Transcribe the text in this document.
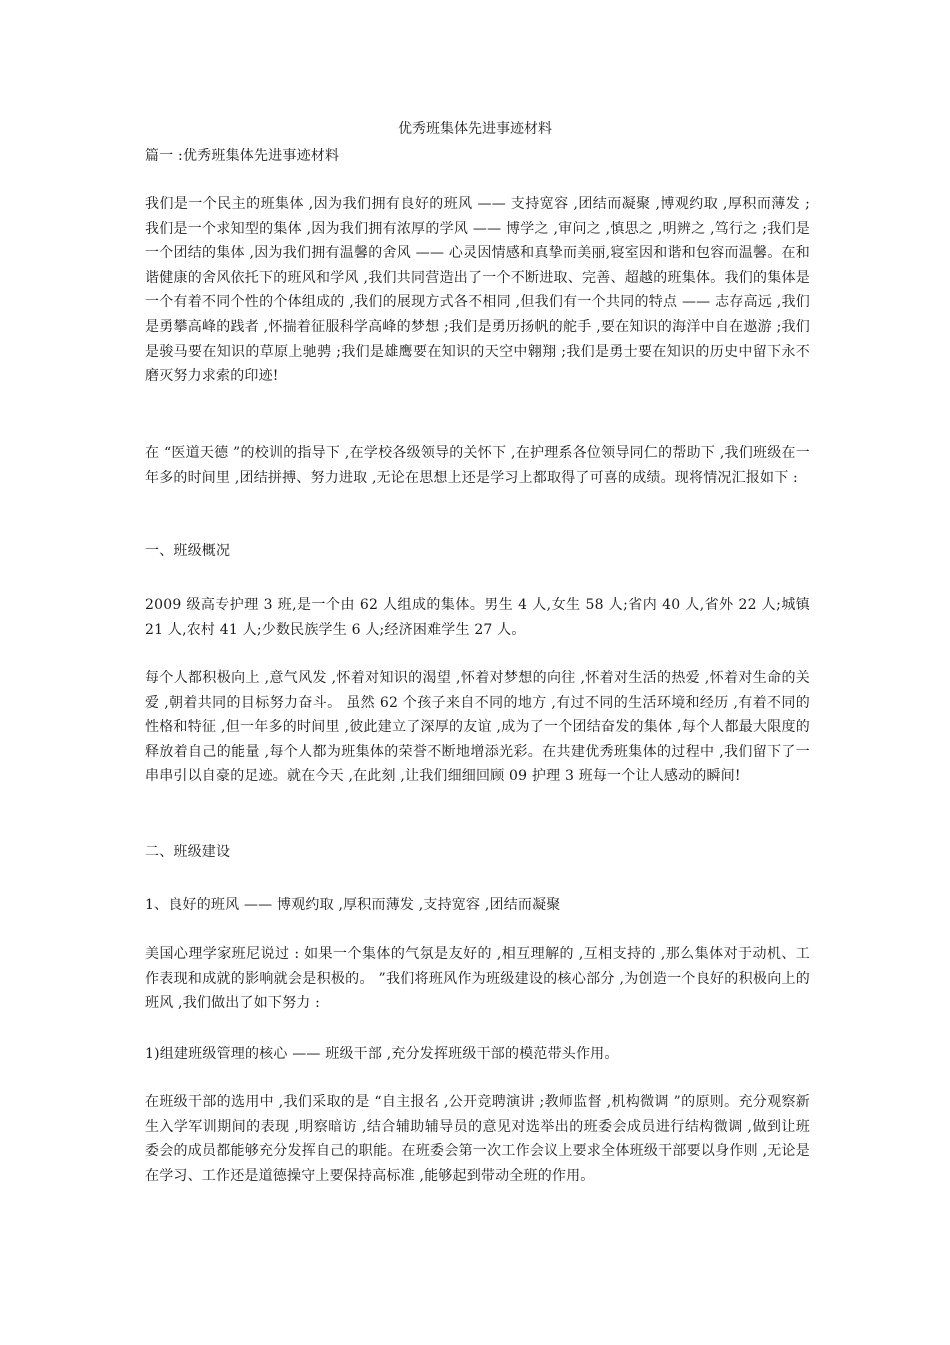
优秀班集体先进事迹材料
篇一 :优秀班集体先进事迹材料
我们是一个民主的班集体 ,因为我们拥有良好的班风 —— 支持宽容 ,团结而凝聚 ,博观约取 ,厚积而薄发 ;我们是一个求知型的集体 ,因为我们拥有浓厚的学风 —— 博学之 ,审问之 ,慎思之 ,明辨之 ,笃行之 ;我们是一个团结的集体 ,因为我们拥有温馨的舍风 —— 心灵因情感和真挚而美丽,寝室因和谐和包容而温馨。在和谐健康的舍风依托下的班风和学风 ,我们共同营造出了一个不断进取、完善、超越的班集体。我们的集体是一个有着不同个性的个体组成的 ,我们的展现方式各不相同 ,但我们有一个共同的特点 —— 志存高远 ,我们是勇攀高峰的践者 ,怀揣着征服科学高峰的梦想 ;我们是勇历扬帆的舵手 ,要在知识的海洋中自在遨游 ;我们是骏马要在知识的草原上驰骋 ;我们是雄鹰要在知识的天空中翱翔 ;我们是勇士要在知识的历史中留下永不磨灭努力求索的印迹!
在 “医道天德 ”的校训的指导下 ,在学校各级领导的关怀下 ,在护理系各位领导同仁的帮助下 ,我们班级在一年多的时间里 ,团结拼搏、努力进取 ,无论在思想上还是学习上都取得了可喜的成绩。现将情况汇报如下 :
一、班级概况
2009 级高专护理 3 班,是一个由 62 人组成的集体。男生 4 人,女生 58 人;省内 40 人,省外 22 人;城镇 21 人,农村 41 人;少数民族学生 6 人;经济困难学生 27 人。
每个人都积极向上 ,意气风发 ,怀着对知识的渴望 ,怀着对梦想的向往 ,怀着对生活的热爱 ,怀着对生命的关爱 ,朝着共同的目标努力奋斗。 虽然 62 个孩子来自不同的地方 ,有过不同的生活环境和经历 ,有着不同的性格和特征 ,但一年多的时间里 ,彼此建立了深厚的友谊 ,成为了一个团结奋发的集体 ,每个人都最大限度的释放着自己的能量 ,每个人都为班集体的荣誉不断地增添光彩。在共建优秀班集体的过程中 ,我们留下了一串串引以自豪的足迹。就在今天 ,在此刻 ,让我们细细回顾 09 护理 3 班每一个让人感动的瞬间!
二、班级建设
1、良好的班风 —— 博观约取 ,厚积而薄发 ,支持宽容 ,团结而凝聚
美国心理学家班尼说过 : 如果一个集体的气氛是友好的 ,相互理解的 ,互相支持的 ,那么集体对于动机、工作表现和成就的影响就会是积极的。 ”我们将班风作为班级建设的核心部分 ,为创造一个良好的积极向上的班风 ,我们做出了如下努力 :
1)组建班级管理的核心 —— 班级干部 ,充分发挥班级干部的模范带头作用。
在班级干部的选用中 ,我们采取的是 “自主报名 ,公开竞聘演讲 ;教师监督 ,机构微调 ”的原则。充分观察新生入学军训期间的表现 ,明察暗访 ,结合辅助辅导员的意见对选举出的班委会成员进行结构微调 ,做到让班委会的成员都能够充分发挥自己的职能。在班委会第一次工作会议上要求全体班级干部要以身作则 ,无论是在学习、工作还是道德操守上要保持高标准 ,能够起到带动全班的作用。
